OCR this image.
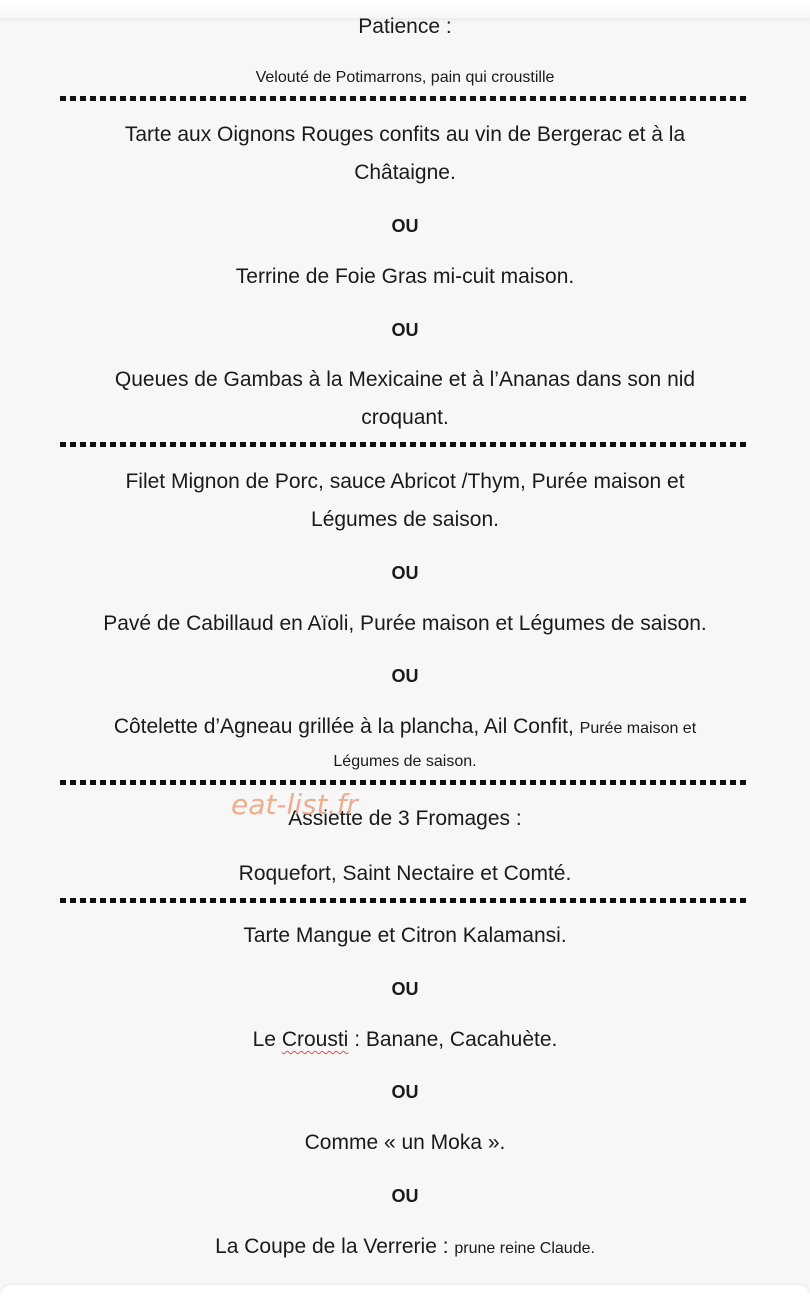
Patience :
Velouté de Potimarrons, pain qui croustille
Tarte aux Oignons Rouges confits au vin de Bergerac et à la
Châtaigne.
OU
Terrine de Foie Gras mi-cuit maison.
OU
Queues de Gambas à la Mexicaine et à l’Ananas dans son nid
croquant.
Filet Mignon de Porc, sauce Abricot /Thym, Purée maison et
Légumes de saison.
OU
Pavé de Cabillaud en Aïoli, Purée maison et Légumes de saison.
OU
Côtelette d’Agneau grillée à la plancha, Ail Confit, Purée maison et
Légumes de saison.
Assiette de 3 Fromages :
Roquefort, Saint Nectaire et Comté.
eat-list.fr
Tarte Mangue et Citron Kalamansi.
OU
Le Crousti : Banane, Cacahuète.
OU
Comme « un Moka ».
OU
La Coupe de la Verrerie : prune reine Claude.
